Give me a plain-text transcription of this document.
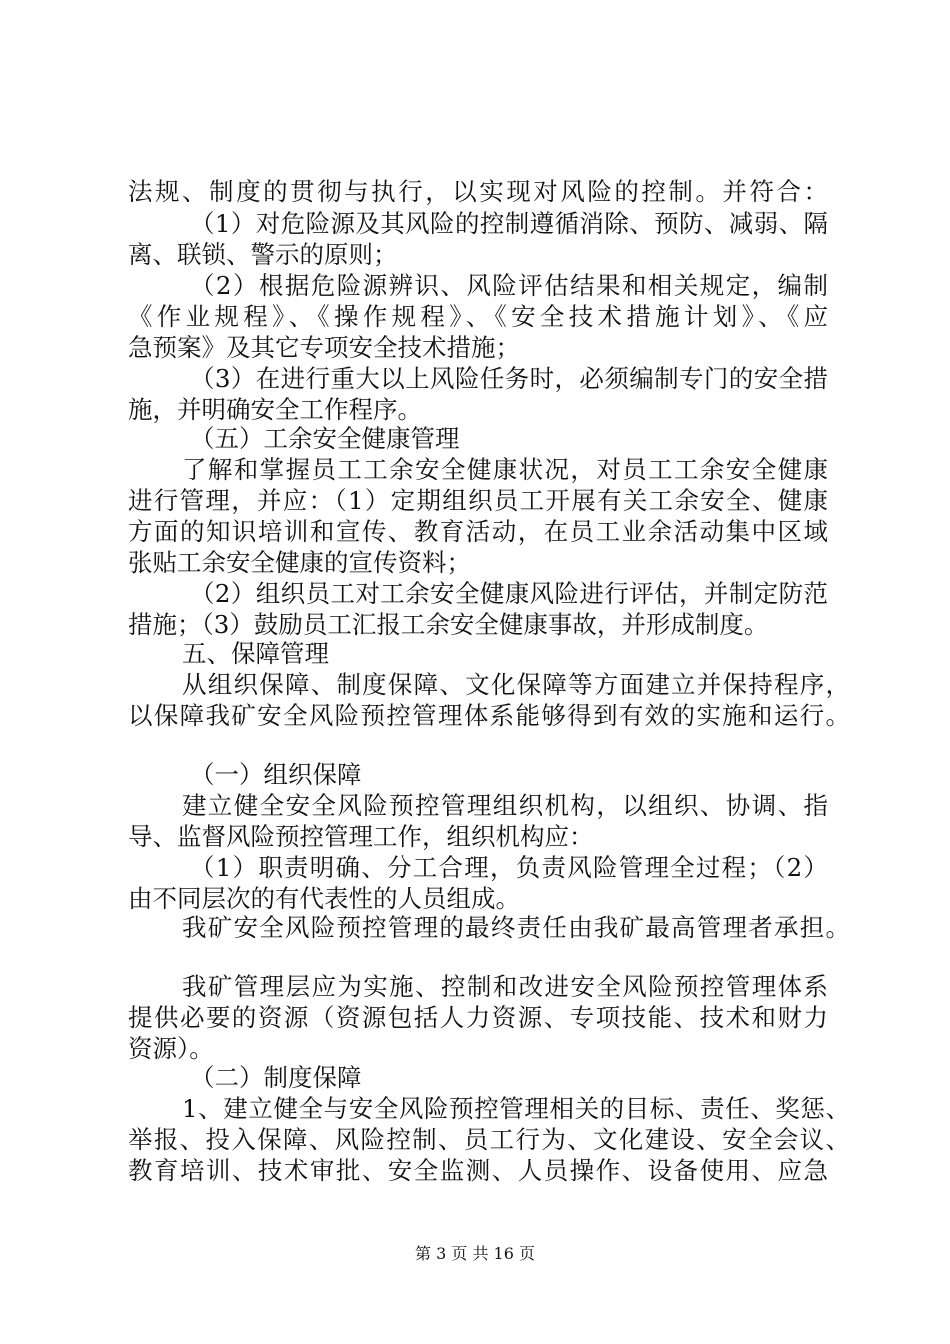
法规、制度的贯彻与执行，以实现对风险的控制。并符合：
（1）对危险源及其风险的控制遵循消除、预防、减弱、隔
离、联锁、警示的原则；
（2）根据危险源辨识、风险评估结果和相关规定，编制
《作业规程》、《操作规程》、《安全技术措施计划》、《应
急预案》及其它专项安全技术措施；
（3）在进行重大以上风险任务时，必须编制专门的安全措
施，并明确安全工作程序。
（五）工余安全健康管理
了解和掌握员工工余安全健康状况，对员工工余安全健康
进行管理，并应：（1）定期组织员工开展有关工余安全、健康
方面的知识培训和宣传、教育活动，在员工业余活动集中区域
张贴工余安全健康的宣传资料；
（2）组织员工对工余安全健康风险进行评估，并制定防范
措施；（3）鼓励员工汇报工余安全健康事故，并形成制度。
五、保障管理
从组织保障、制度保障、文化保障等方面建立并保持程序，
以保障我矿安全风险预控管理体系能够得到有效的实施和运行。
（一）组织保障
建立健全安全风险预控管理组织机构，以组织、协调、指
导、监督风险预控管理工作，组织机构应：
（1）职责明确、分工合理，负责风险管理全过程；（2）
由不同层次的有代表性的人员组成。
我矿安全风险预控管理的最终责任由我矿最高管理者承担。
我矿管理层应为实施、控制和改进安全风险预控管理体系
提供必要的资源（资源包括人力资源、专项技能、技术和财力
资源）。
（二）制度保障
1、建立健全与安全风险预控管理相关的目标、责任、奖惩、
举报、投入保障、风险控制、员工行为、文化建设、安全会议、
教育培训、技术审批、安全监测、人员操作、设备使用、应急
第 3 页 共 16 页
